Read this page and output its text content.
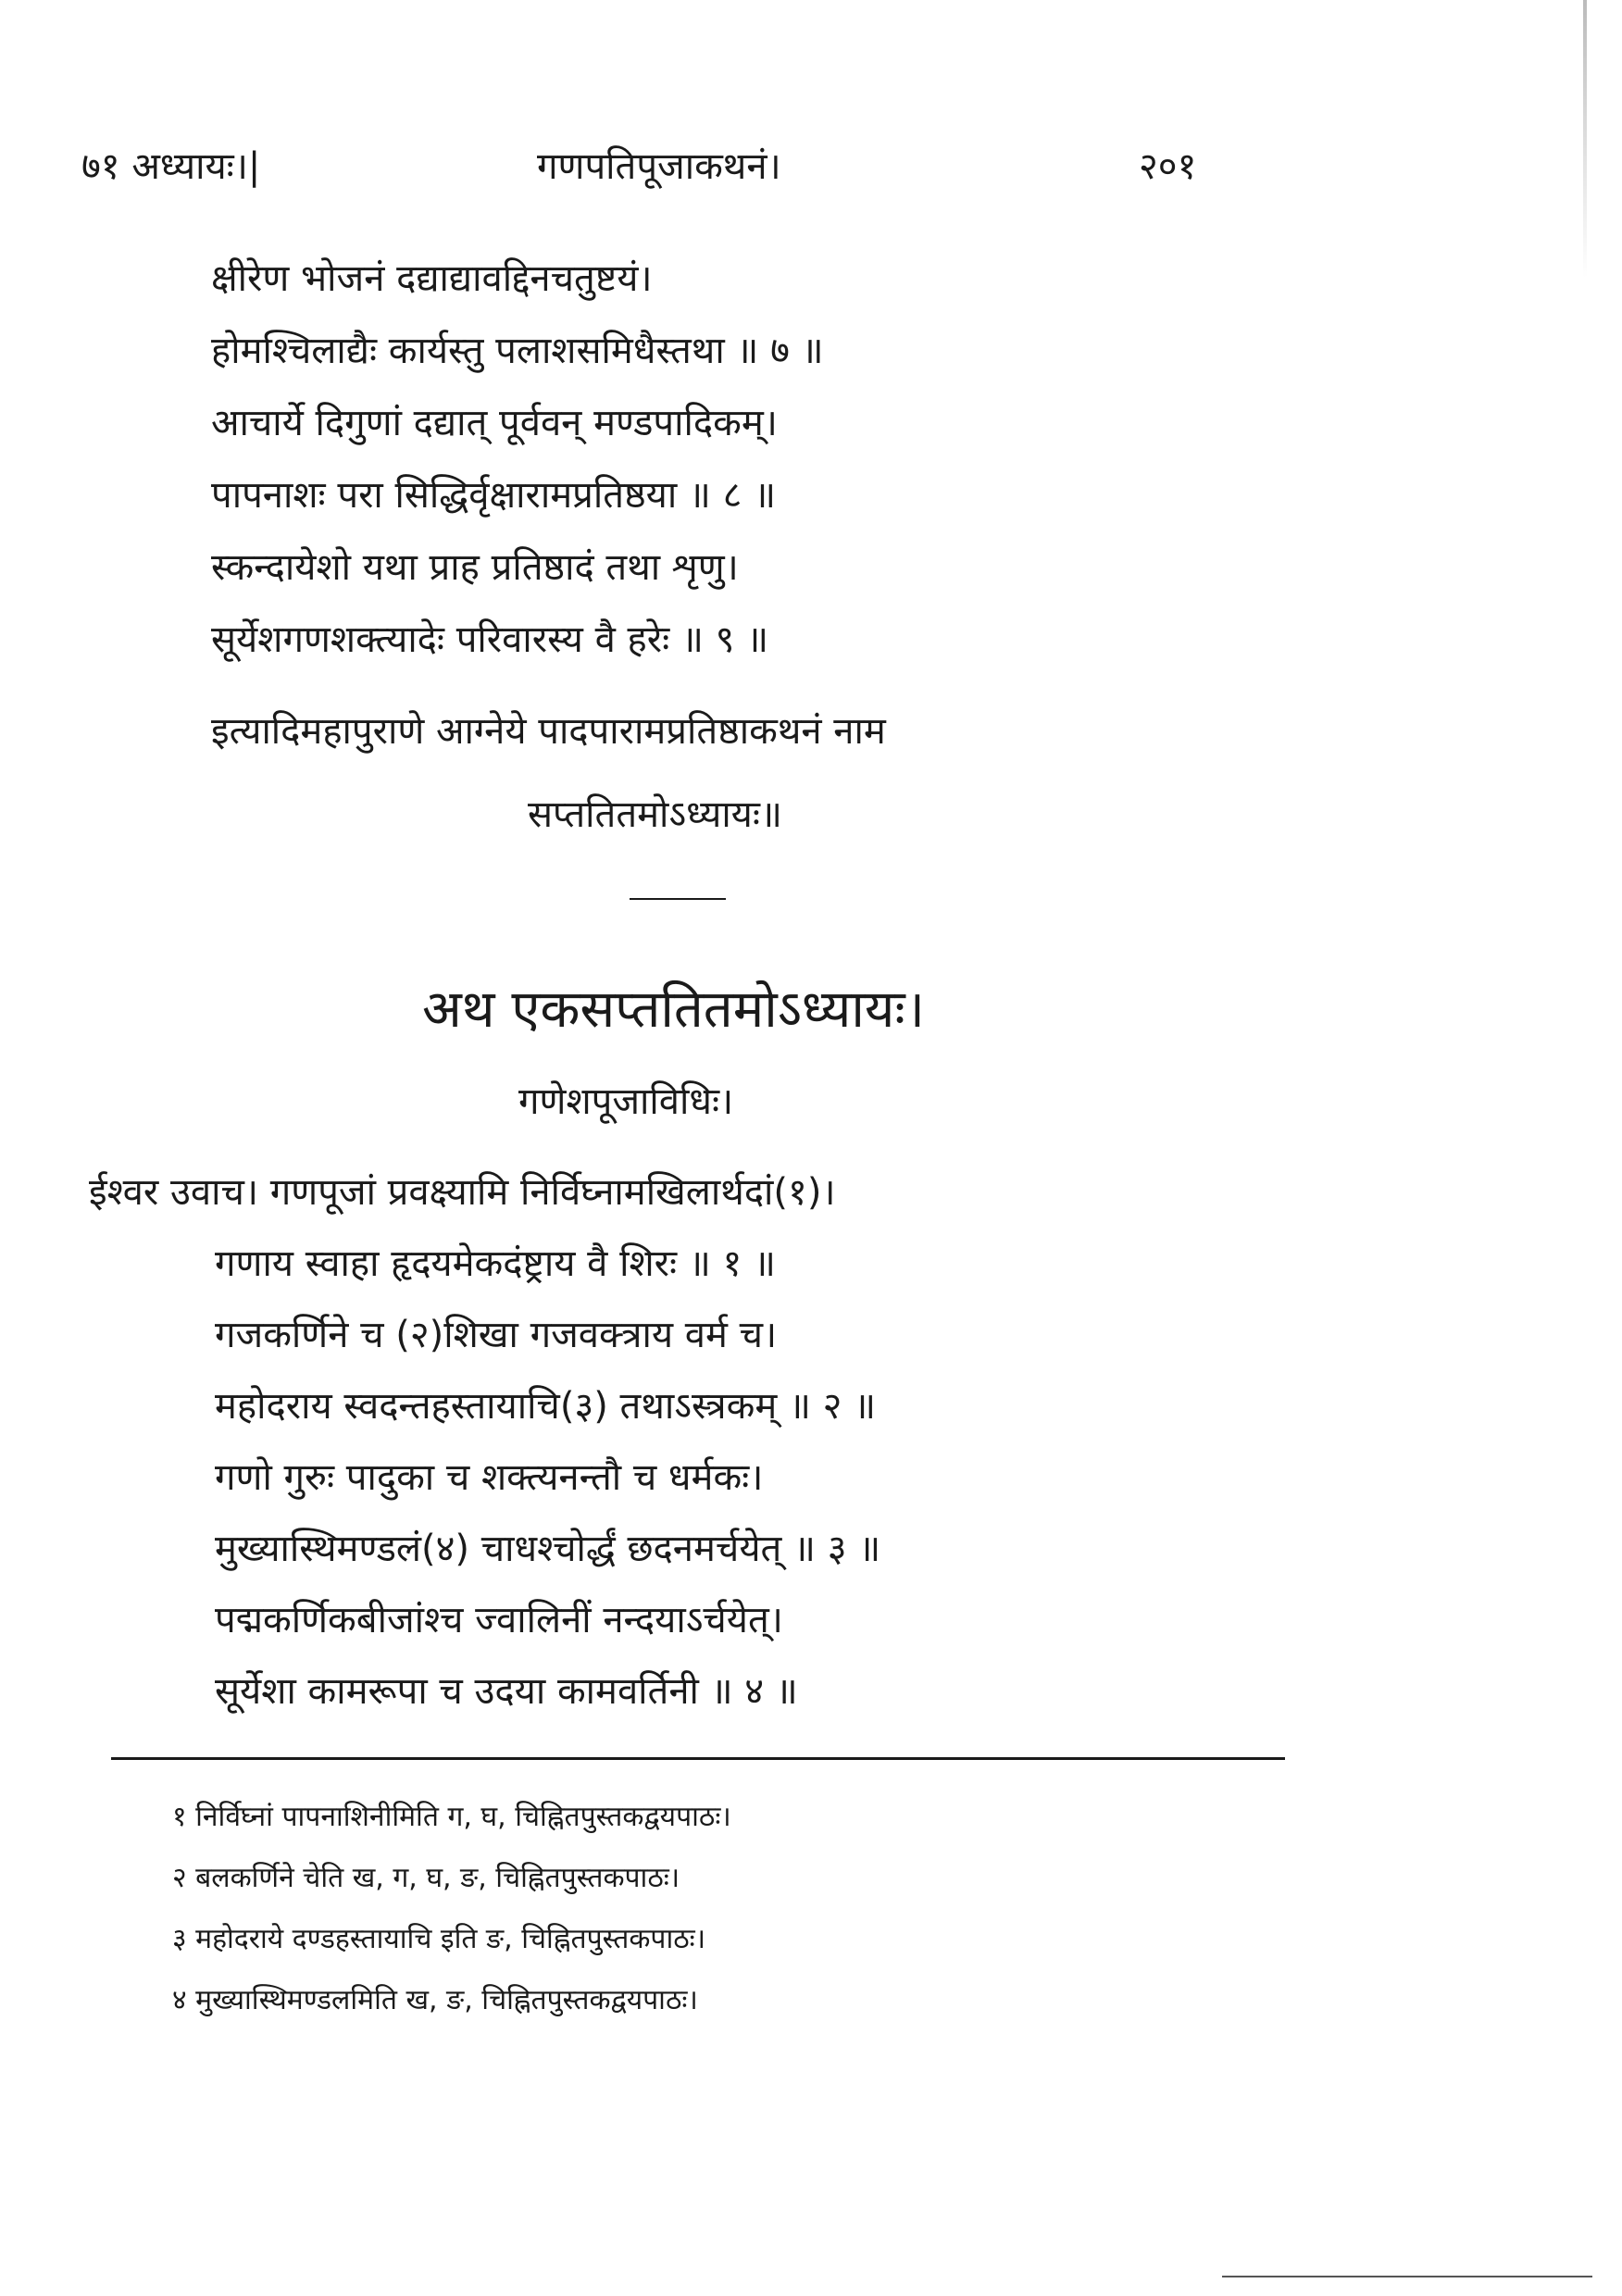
७१ अध्यायः।|	गणपतिपूजाकथनं।	२०१
क्षीरेण भोजनं दद्याद्यावद्दिनचतुष्टयं।
होमश्चिलाद्यैः कार्यस्तु पलाशसमिधैस्तथा ॥ ७ ॥
आचार्ये दिगुणां दद्यात् पूर्ववन् मण्डपादिकम्।
पापनाशः परा सिद्धिर्वृक्षारामप्रतिष्ठया ॥ ८ ॥
स्कन्दायेशो यथा प्राह प्रतिष्ठादं तथा शृणु।
सूर्येशगणशक्त्यादेः परिवारस्य वै हरेः ॥ ९ ॥
इत्यादिमहापुराणे आग्नेये पादपारामप्रतिष्ठाकथनं नाम
सप्ततितमोऽध्यायः॥
अथ एकसप्ततितमोऽध्यायः।
गणेशपूजाविधिः।
ईश्वर उवाच। गणपूजां प्रवक्ष्यामि निर्विघ्नामखिलार्थदां(१)।
गणाय स्वाहा हृदयमेकदंष्ट्राय वै शिरः ॥ १ ॥
गजकर्णिने च (२)शिखा गजवक्त्राय वर्म च।
महोदराय स्वदन्तहस्तायाचि(३) तथाऽस्त्रकम् ॥ २ ॥
गणो गुरुः पादुका च शक्त्यनन्तौ च धर्मकः।
मुख्यास्थिमण्डलं(४) चाधश्चोर्द्धं छदनमर्चयेत् ॥ ३ ॥
पद्मकर्णिकबीजांश्च ज्वालिनीं नन्दयाऽर्चयेत्।
सूर्येशा कामरूपा च उदया कामवर्तिनी ॥ ४ ॥
१ निर्विघ्नां पापनाशिनीमिति ग, घ, चिह्नितपुस्तकद्वयपाठः।
२ बलकर्णिने चेति ख, ग, घ, ङ, चिह्नितपुस्तकपाठः।
३ महोदराये दण्डहस्तायाचि इति ङ, चिह्नितपुस्तकपाठः।
४ मुख्यास्थिमण्डलमिति ख, ङ, चिह्नितपुस्तकद्वयपाठः।
